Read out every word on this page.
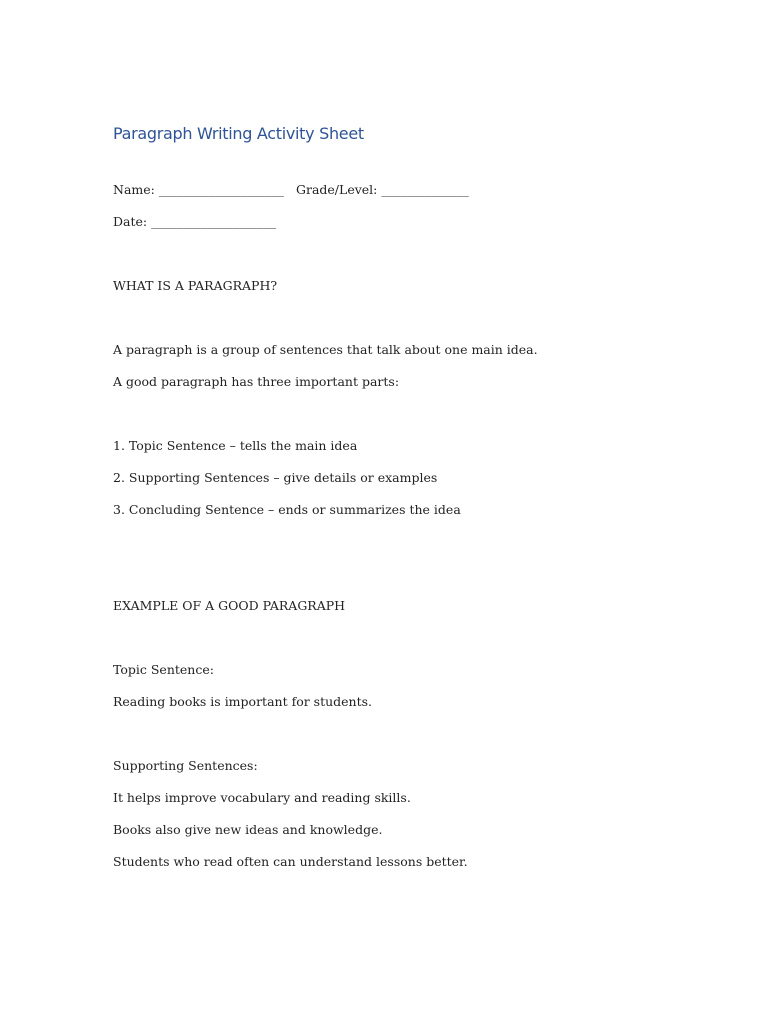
Paragraph Writing Activity Sheet

Name: ____________________ Grade/Level: ______________

Date: ____________________

WHAT IS A PARAGRAPH?

A paragraph is a group of sentences that talk about one main idea.

A good paragraph has three important parts:

1. Topic Sentence – tells the main idea

2. Supporting Sentences – give details or examples

3. Concluding Sentence – ends or summarizes the idea

EXAMPLE OF A GOOD PARAGRAPH

Topic Sentence:

Reading books is important for students.

Supporting Sentences:

It helps improve vocabulary and reading skills.

Books also give new ideas and knowledge.

Students who read often can understand lessons better.
